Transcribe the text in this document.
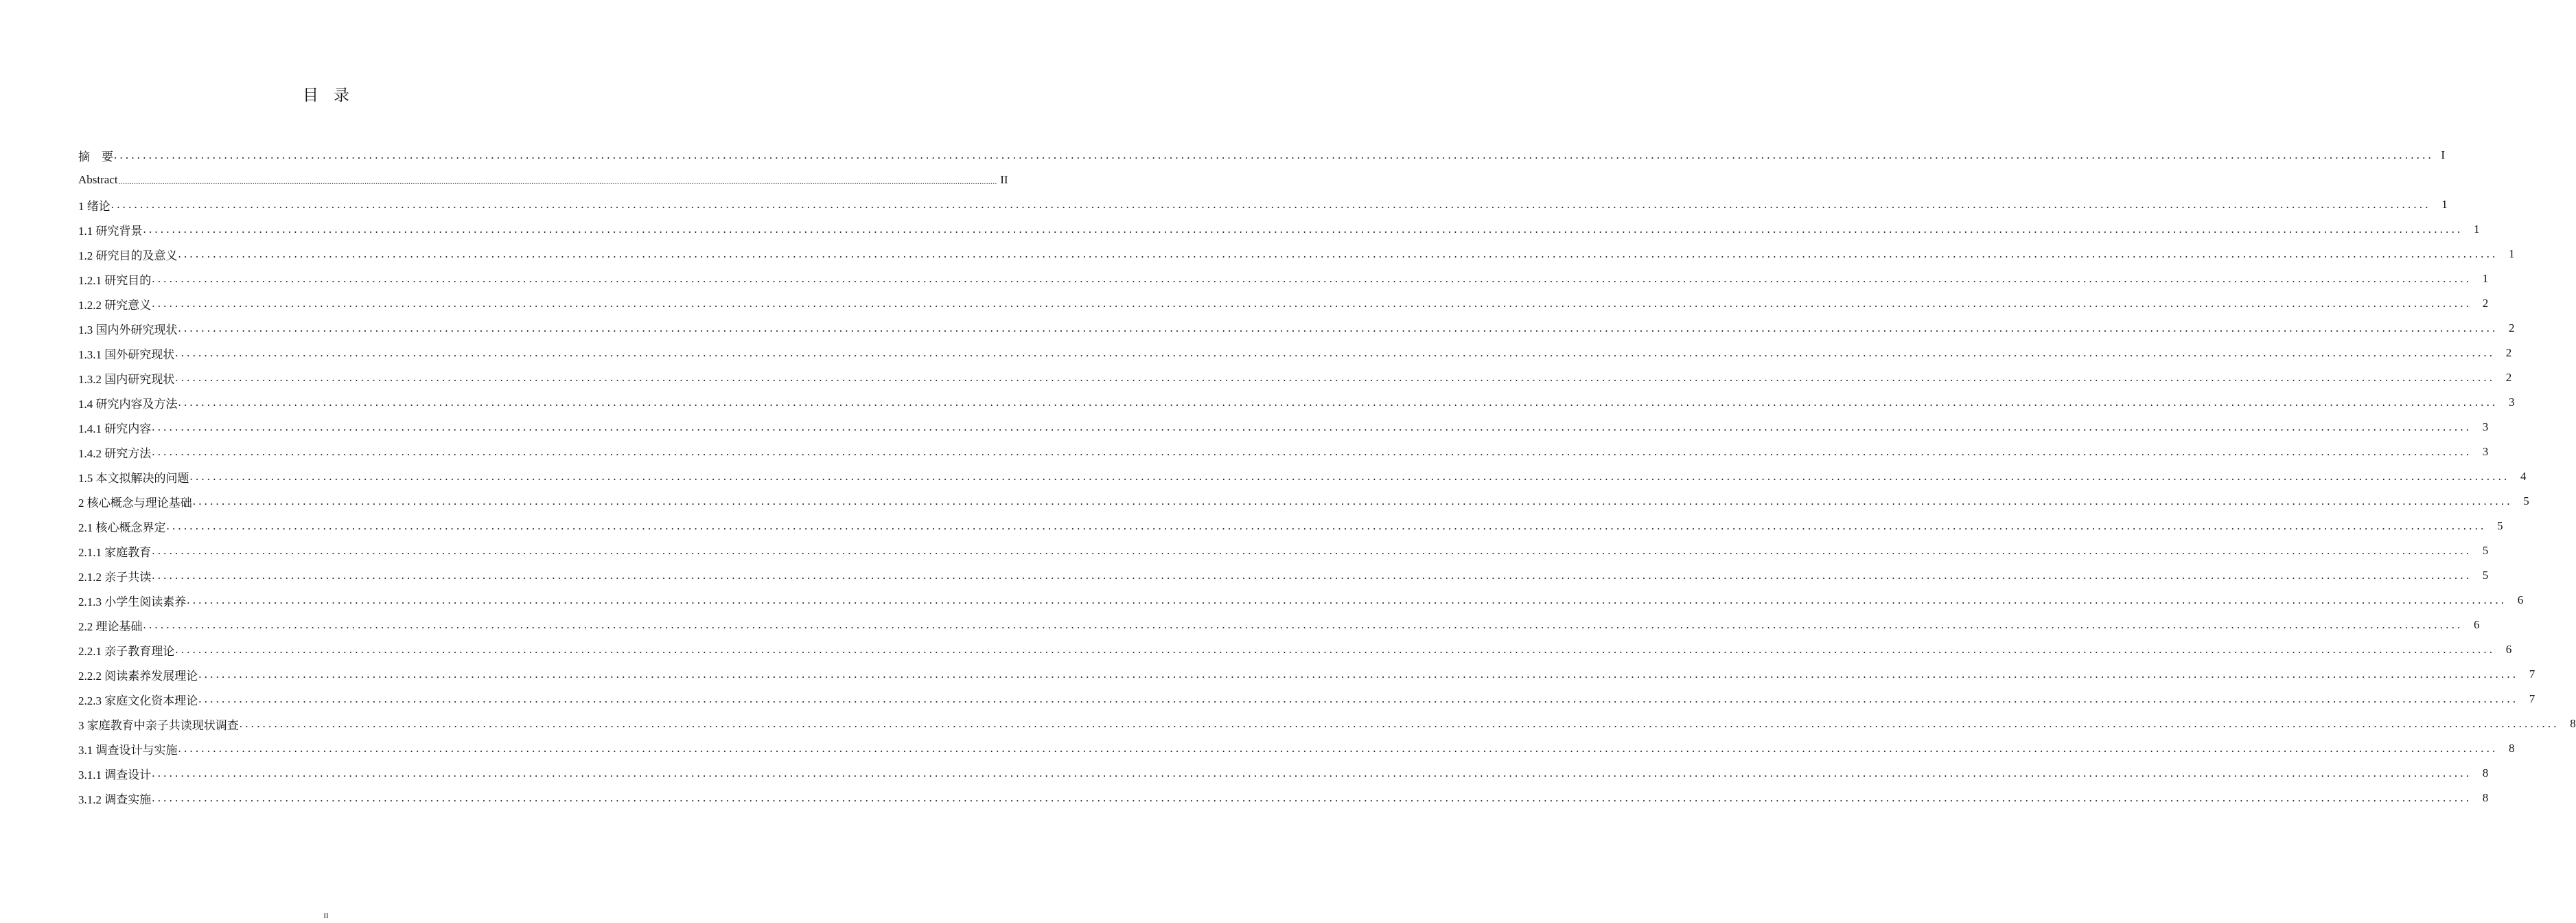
目 录
摘　要 ................................................................................................................................................................................................................................................................................................................................................................................................................ I
Abstract ................................................................................................................................................................................................................................................................................................................................................................................................................ II
1 绪论 ................................................................................................................................................................................................................................................................................................................................................................................................................ 1
1.1 研究背景 ................................................................................................................................................................................................................................................................................................................................................................................................................ 1
1.2 研究目的及意义 ................................................................................................................................................................................................................................................................................................................................................................................................................ 1
1.2.1 研究目的 ................................................................................................................................................................................................................................................................................................................................................................................................................ 1
1.2.2 研究意义 ................................................................................................................................................................................................................................................................................................................................................................................................................ 2
1.3 国内外研究现状 ................................................................................................................................................................................................................................................................................................................................................................................................................ 2
1.3.1 国外研究现状 ................................................................................................................................................................................................................................................................................................................................................................................................................ 2
1.3.2 国内研究现状 ................................................................................................................................................................................................................................................................................................................................................................................................................ 2
1.4 研究内容及方法 ................................................................................................................................................................................................................................................................................................................................................................................................................ 3
1.4.1 研究内容 ................................................................................................................................................................................................................................................................................................................................................................................................................ 3
1.4.2 研究方法 ................................................................................................................................................................................................................................................................................................................................................................................................................ 3
1.5 本文拟解决的问题 ................................................................................................................................................................................................................................................................................................................................................................................................................ 4
2 核心概念与理论基础 ................................................................................................................................................................................................................................................................................................................................................................................................................ 5
2.1 核心概念界定 ................................................................................................................................................................................................................................................................................................................................................................................................................ 5
2.1.1 家庭教育 ................................................................................................................................................................................................................................................................................................................................................................................................................ 5
2.1.2 亲子共读 ................................................................................................................................................................................................................................................................................................................................................................................................................ 5
2.1.3 小学生阅读素养 ................................................................................................................................................................................................................................................................................................................................................................................................................ 6
2.2 理论基础 ................................................................................................................................................................................................................................................................................................................................................................................................................ 6
2.2.1 亲子教育理论 ................................................................................................................................................................................................................................................................................................................................................................................................................ 6
2.2.2 阅读素养发展理论 ................................................................................................................................................................................................................................................................................................................................................................................................................ 7
2.2.3 家庭文化资本理论 ................................................................................................................................................................................................................................................................................................................................................................................................................ 7
3 家庭教育中亲子共读现状调查 ................................................................................................................................................................................................................................................................................................................................................................................................................ 8
3.1 调查设计与实施 ................................................................................................................................................................................................................................................................................................................................................................................................................ 8
3.1.1 调查设计 ................................................................................................................................................................................................................................................................................................................................................................................................................ 8
3.1.2 调查实施 ................................................................................................................................................................................................................................................................................................................................................................................................................ 8
II
